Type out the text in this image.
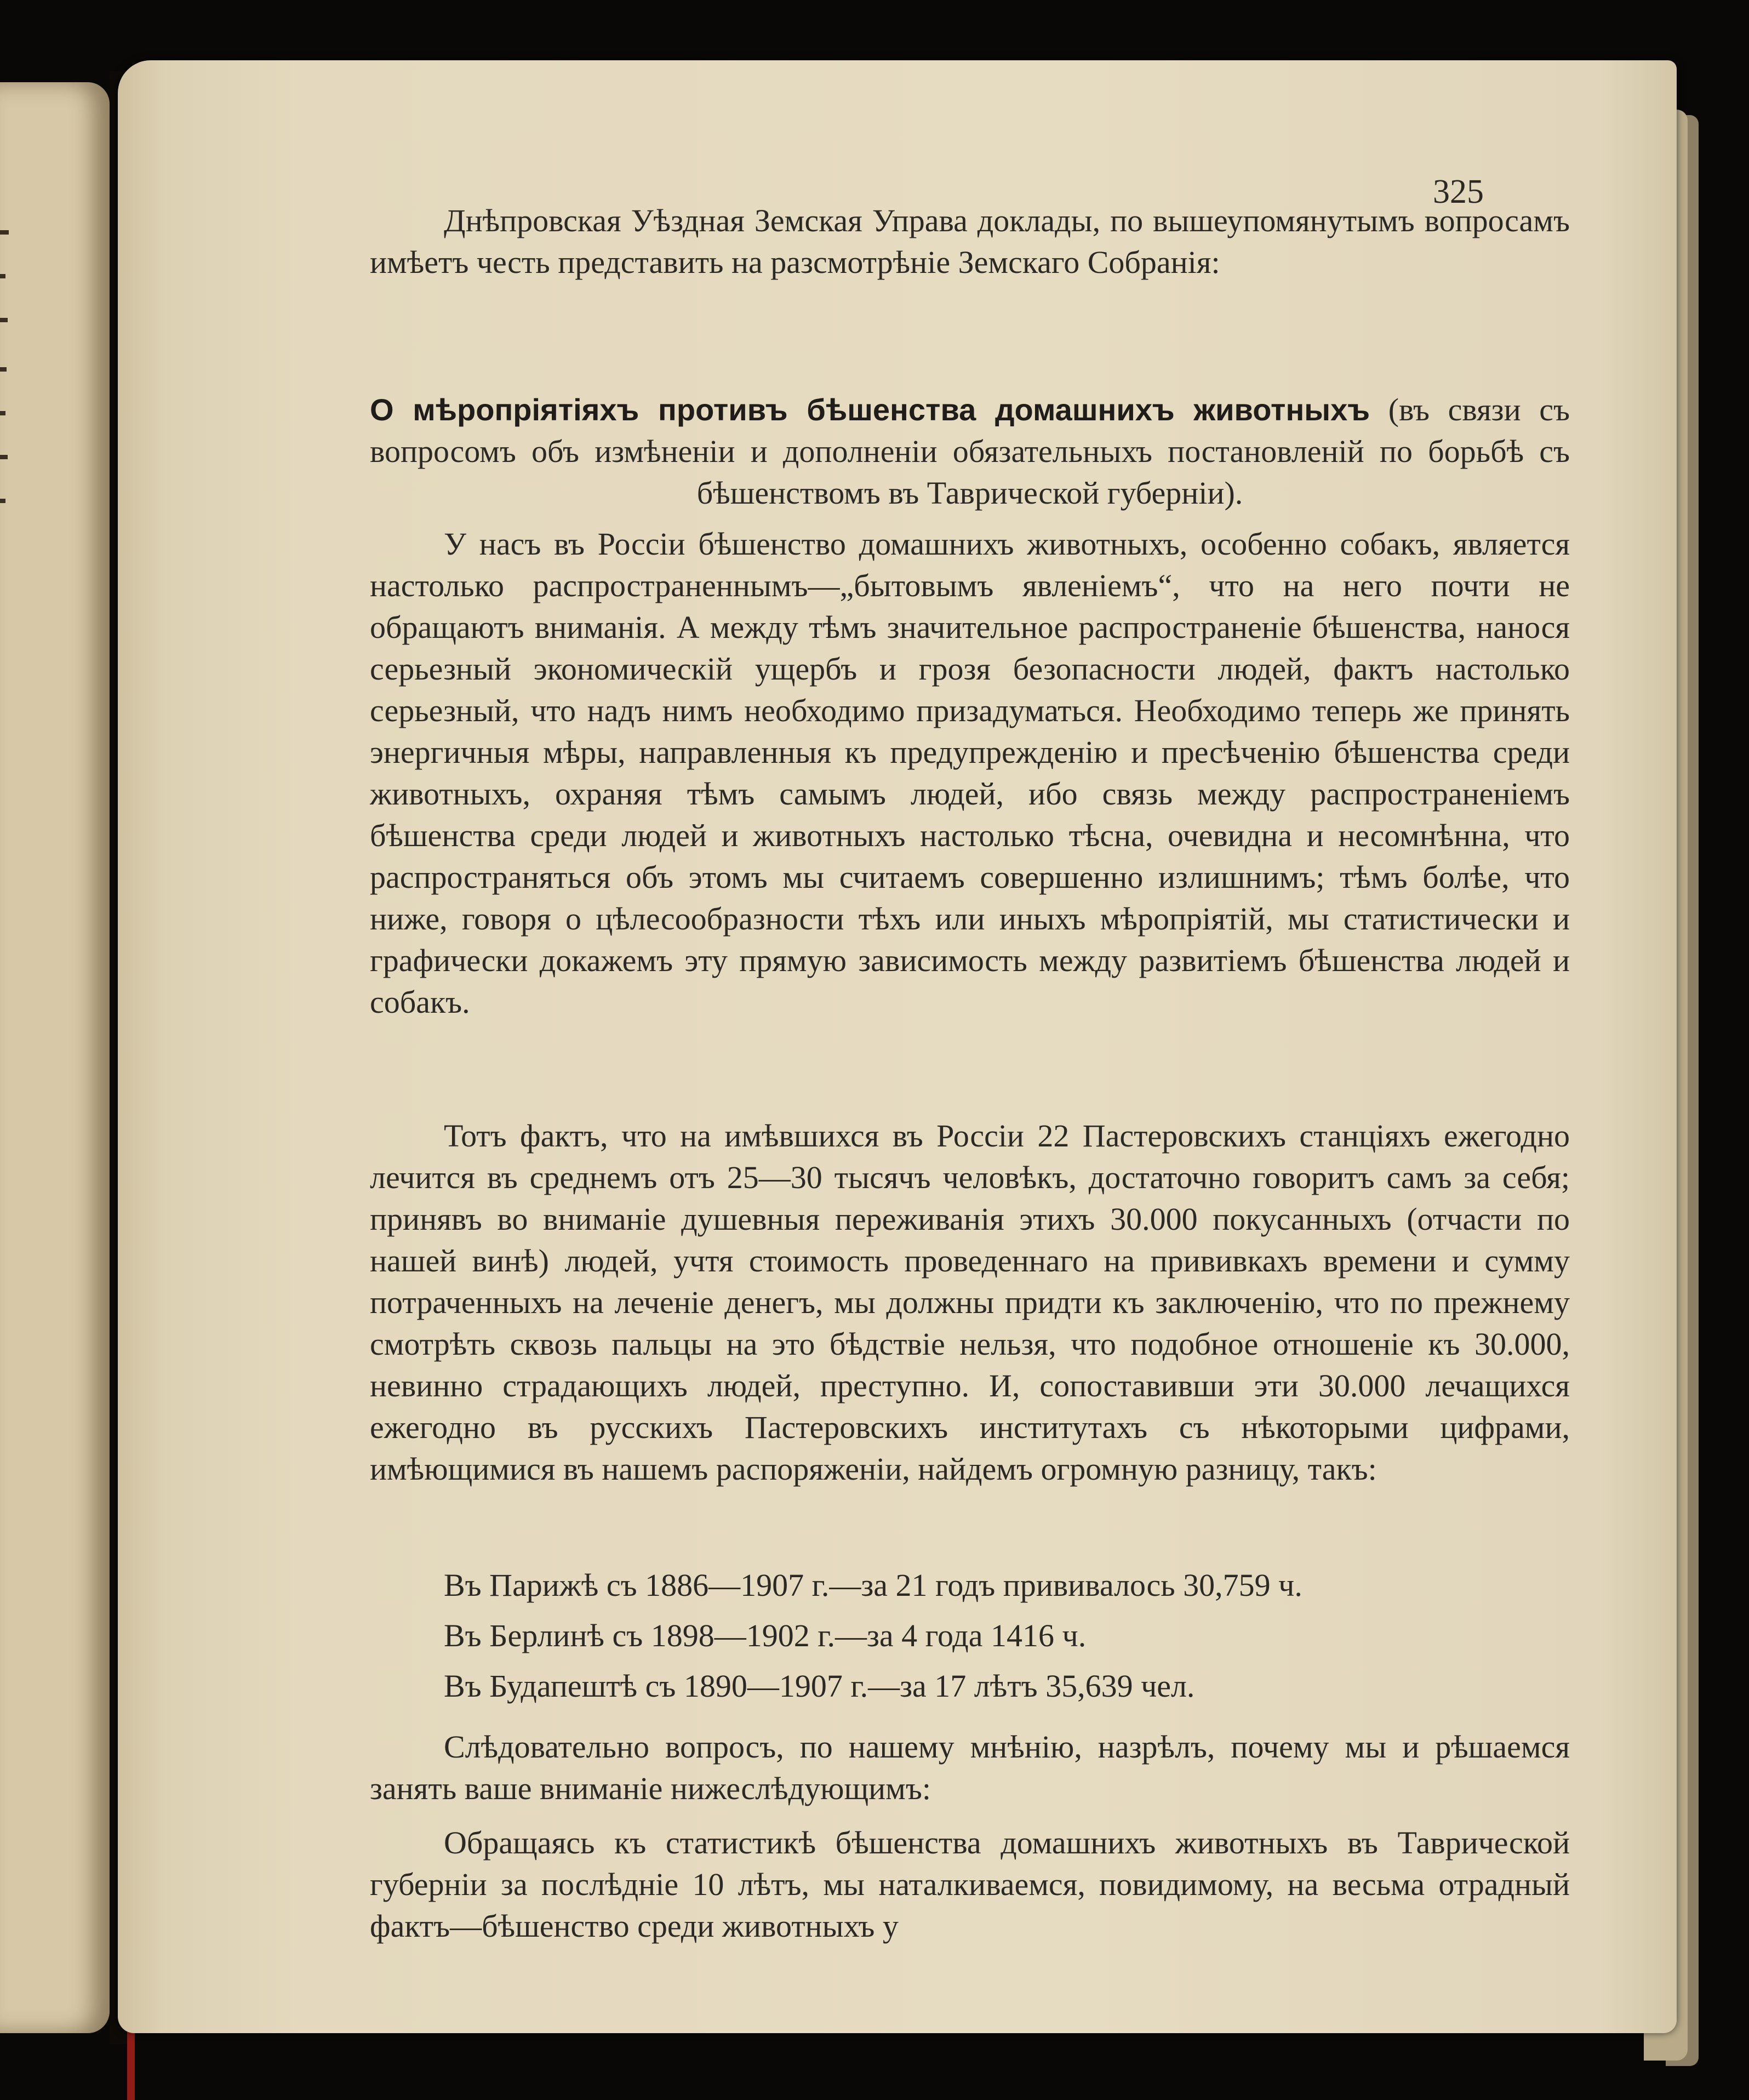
325

Днѣпровская Уѣздная Земская Управа доклады, по вышеупомянутымъ вопросамъ имѣетъ честь представить на разсмотрѣніе Земскаго Собранія:

О мѣропріятіяхъ противъ бѣшенства домашнихъ животныхъ (въ связи съ вопросомъ объ измѣненіи и дополненіи обязательныхъ постановленій по борьбѣ съ бѣшенствомъ въ Таврической губерніи).

У насъ въ Россіи бѣшенство домашнихъ животныхъ, особенно собакъ, является настолько распространеннымъ—„бытовымъ явленіемъ“, что на него почти не обращаютъ вниманія. А между тѣмъ значительное распространеніе бѣшенства, нанося серьезный экономическій ущербъ и грозя безопасности людей, фактъ настолько серьезный, что надъ нимъ необходимо призадуматься. Необходимо теперь же принять энергичныя мѣры, направленныя къ предупрежденію и пресѣченію бѣшенства среди животныхъ, охраняя тѣмъ самымъ людей, ибо связь между распространеніемъ бѣшенства среди людей и животныхъ настолько тѣсна, очевидна и несомнѣнна, что распространяться объ этомъ мы считаемъ совершенно излишнимъ; тѣмъ болѣе, что ниже, говоря о цѣлесообразности тѣхъ или иныхъ мѣропріятій, мы статистически и графически докажемъ эту прямую зависимость между развитіемъ бѣшенства людей и собакъ.

Тотъ фактъ, что на имѣвшихся въ Россіи 22 Пастеровскихъ станціяхъ ежегодно лечится въ среднемъ отъ 25—30 тысячъ человѣкъ, достаточно говоритъ самъ за себя; принявъ во вниманіе душевныя переживанія этихъ 30.000 покусанныхъ (отчасти по нашей винѣ) людей, учтя стоимость проведеннаго на прививкахъ времени и сумму потраченныхъ на леченіе денегъ, мы должны придти къ заключенію, что по прежнему смотрѣть сквозь пальцы на это бѣдствіе нельзя, что подобное отношеніе къ 30.000, невинно страдающихъ людей, преступно. И, сопоставивши эти 30.000 лечащихся ежегодно въ русскихъ Пастеровскихъ институтахъ съ нѣкоторыми цифрами, имѣющимися въ нашемъ распоряженіи, найдемъ огромную разницу, такъ:

Въ Парижѣ съ 1886—1907 г.—за 21 годъ прививалось 30,759 ч.

Въ Берлинѣ съ 1898—1902 г.—за 4 года 1416 ч.

Въ Будапештѣ съ 1890—1907 г.—за 17 лѣтъ 35,639 чел.

Слѣдовательно вопросъ, по нашему мнѣнію, назрѣлъ, почему мы и рѣшаемся занять ваше вниманіе нижеслѣдующимъ:

Обращаясь къ статистикѣ бѣшенства домашнихъ животныхъ въ Таврической губерніи за послѣдніе 10 лѣтъ, мы наталкиваемся, повидимому, на весьма отрадный фактъ—бѣшенство среди животныхъ у
